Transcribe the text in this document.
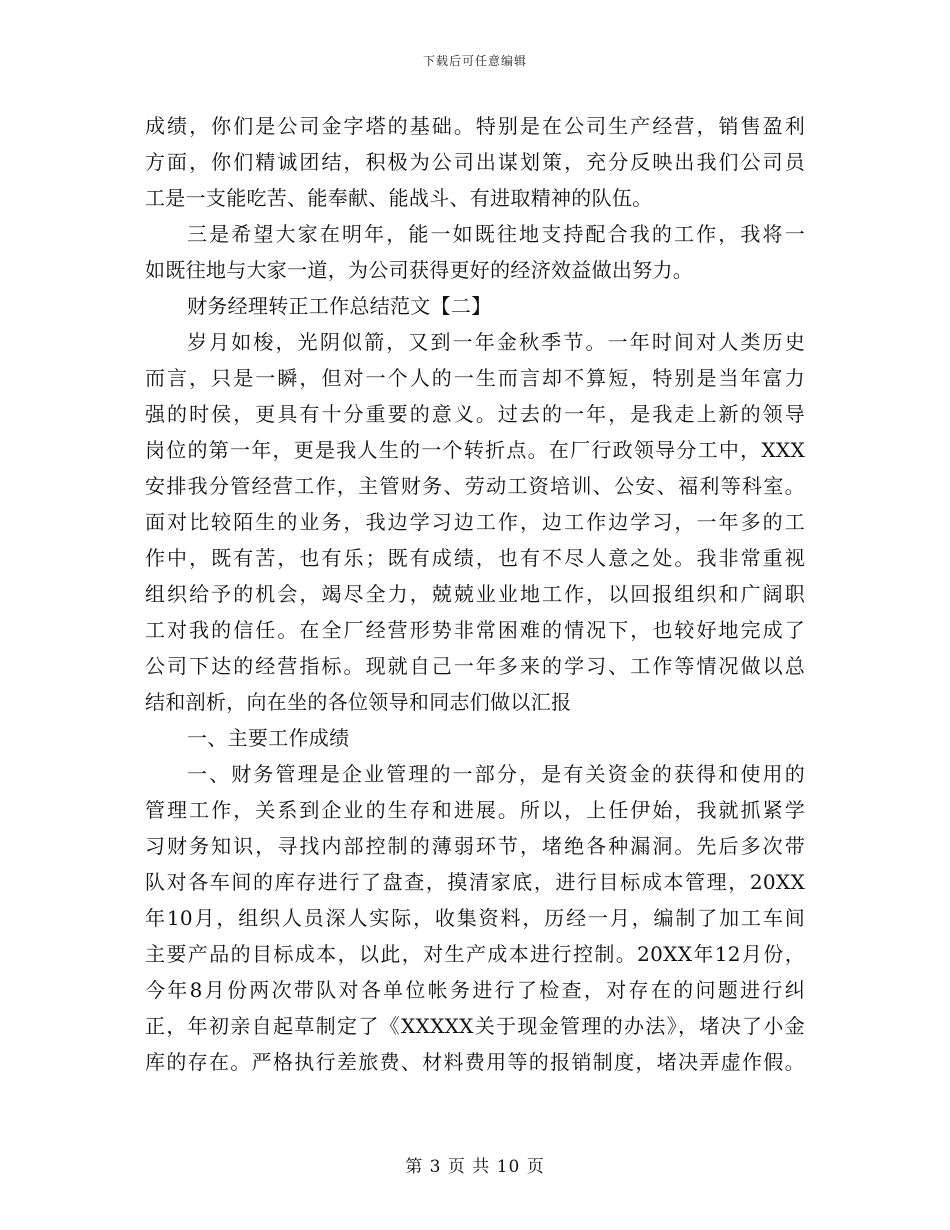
下载后可任意编辑
成绩，你们是公司金字塔的基础。特别是在公司生产经营，销售盈利
方面，你们精诚团结，积极为公司出谋划策，充分反映出我们公司员
工是一支能吃苦、能奉献、能战斗、有进取精神的队伍。
三是希望大家在明年，能一如既往地支持配合我的工作，我将一
如既往地与大家一道，为公司获得更好的经济效益做出努力。
财务经理转正工作总结范文【二】
岁月如梭，光阴似箭，又到一年金秋季节。一年时间对人类历史
而言，只是一瞬，但对一个人的一生而言却不算短，特别是当年富力
强的时侯，更具有十分重要的意义。过去的一年，是我走上新的领导
岗位的第一年，更是我人生的一个转折点。在厂行政领导分工中，XXX
安排我分管经营工作，主管财务、劳动工资培训、公安、福利等科室。
面对比较陌生的业务，我边学习边工作，边工作边学习，一年多的工
作中，既有苦，也有乐；既有成绩，也有不尽人意之处。我非常重视
组织给予的机会，竭尽全力，兢兢业业地工作，以回报组织和广阔职
工对我的信任。在全厂经营形势非常困难的情况下，也较好地完成了
公司下达的经营指标。现就自己一年多来的学习、工作等情况做以总
结和剖析，向在坐的各位领导和同志们做以汇报
一、主要工作成绩
一、财务管理是企业管理的一部分，是有关资金的获得和使用的
管理工作，关系到企业的生存和进展。所以，上任伊始，我就抓紧学
习财务知识，寻找内部控制的薄弱环节，堵绝各种漏洞。先后多次带
队对各车间的库存进行了盘查，摸清家底，进行目标成本管理，20XX
年10月，组织人员深人实际，收集资料，历经一月，编制了加工车间
主要产品的目标成本，以此，对生产成本进行控制。20XX年12月份，
今年8月份两次带队对各单位帐务进行了检查，对存在的问题进行纠
正，年初亲自起草制定了《XXXXX关于现金管理的办法》，堵决了小金
库的存在。严格执行差旅费、材料费用等的报销制度，堵决弄虚作假。
第 3 页 共 10 页
